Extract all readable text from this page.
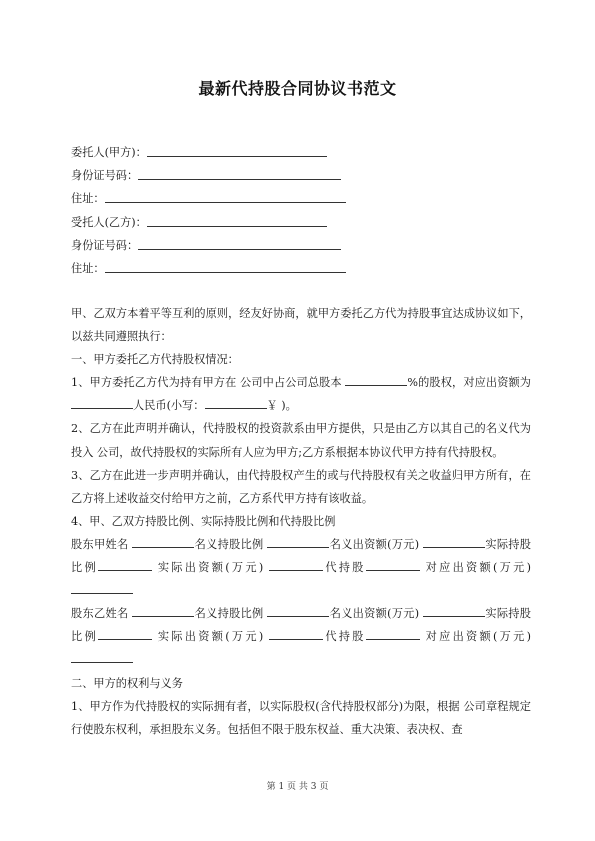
最新代持股合同协议书范文
委托人(甲方)：
身份证号码：
住址：
受托人(乙方)：
身份证号码：
住址：

甲、乙双方本着平等互利的原则，经友好协商，就甲方委托乙方代为持股事宜达成协议如下，以兹共同遵照执行：

一、甲方委托乙方代持股权情况：

1、甲方委托乙方代为持有甲方在 公司中占公司总股本	%的股权，对应出资额为 人民币(小写：	￥ )。

2、乙方在此声明并确认，代持股权的投资款系由甲方提供，只是由乙方以其自己的名义代为投入 公司，故代持股权的实际所有人应为甲方;乙方系根据本协议代甲方持有代持股权。

3、乙方在此进一步声明并确认，由代持股权产生的或与代持股权有关之收益归甲方所有，在乙方将上述收益交付给甲方之前，乙方系代甲方持有该收益。

4、甲、乙双方持股比例、实际持股比例和代持股比例

股东甲姓名	名义持股比例	名义出资额(万元)	实际持股比例	实际出资额(万元)	代持股	对应出资额(万元)

股东乙姓名	名义持股比例	名义出资额(万元)	实际持股比例	实际出资额(万元)	代持股	对应出资额(万元)

二、甲方的权利与义务

1、甲方作为代持股权的实际拥有者，以实际股权(含代持股权部分)为限，根据 公司章程规定行使股东权利，承担股东义务。包括但不限于股东权益、重大决策、表决权、查

第 1 页 共 3 页
